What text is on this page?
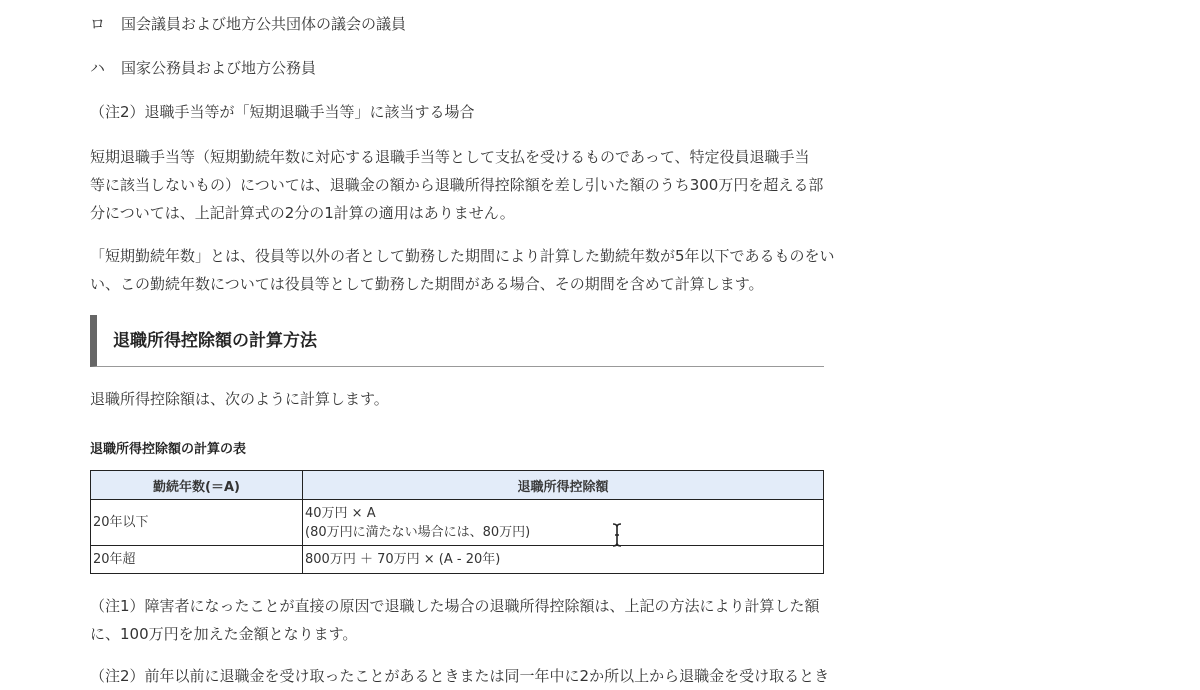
ロ 国会議員および地方公共団体の議会の議員
ハ 国家公務員および地方公務員
（注2）退職手当等が「短期退職手当等」に該当する場合

短期退職手当等（短期勤続年数に対応する退職手当等として支払を受けるものであって、特定役員退職手当

等に該当しないもの）については、退職金の額から退職所得控除額を差し引いた額のうち300万円を超える部

分については、上記計算式の2分の1計算の適用はありません。

「短期勤続年数」とは、役員等以外の者として勤務した期間により計算した勤続年数が5年以下であるものをい

い、この勤続年数については役員等として勤務した期間がある場合、その期間を含めて計算します。

退職所得控除額の計算方法
退職所得控除額は、次のように計算します。
退職所得控除額の計算の表
勤続年数(＝A)	退職所得控除額
20年以下	40万円 × A
(80万円に満たない場合には、80万円)

20年超	800万円 ＋ 70万円 × (A - 20年)

（注1）障害者になったことが直接の原因で退職した場合の退職所得控除額は、上記の方法により計算した額

に、100万円を加えた金額となります。

（注2）前年以前に退職金を受け取ったことがあるときまたは同一年中に2か所以上から退職金を受け取るとき
